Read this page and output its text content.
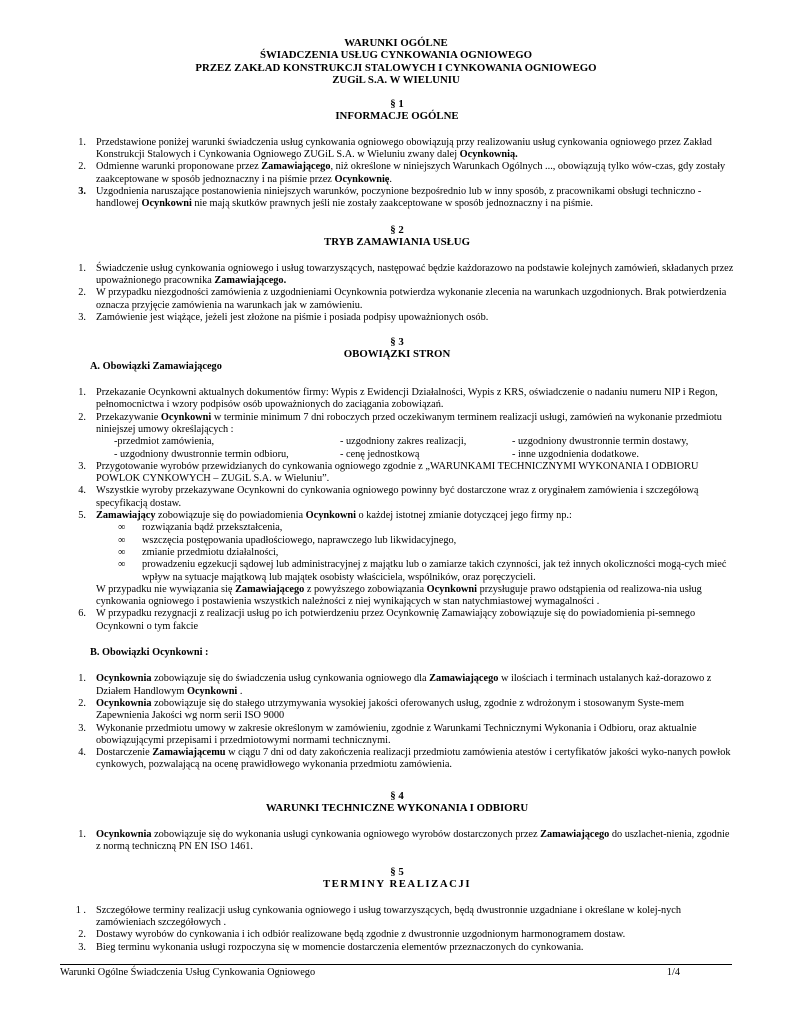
WARUNKI OGÓLNE
ŚWIADCZENIA USŁUG CYNKOWANIA OGNIOWEGO
PRZEZ ZAKŁAD KONSTRUKCJI STALOWYCH I CYNKOWANIA OGNIOWEGO
ZUGiL S.A. W WIELUNIU
§ 1
INFORMACJE OGÓLNE
1. Przedstawione poniżej warunki świadczenia usług cynkowania ogniowego obowiązują przy realizowaniu usług cynkowania ogniowego przez Zakład Konstrukcji Stalowych i Cynkowania Ogniowego ZUGiL S.A. w Wieluniu zwany dalej Ocynkownią.
2. Odmienne warunki proponowane przez Zamawiającego, niż określone w niniejszych Warunkach Ogólnych ..., obowiązują tylko wów-czas, gdy zostały zaakceptowane w sposób jednoznaczny i na piśmie przez Ocynkownię.
3. Uzgodnienia naruszające postanowienia niniejszych warunków, poczynione bezpośrednio lub w inny sposób, z pracownikami obsługi techniczno - handlowej Ocynkowni nie mają skutków prawnych jeśli nie zostały zaakceptowane w sposób jednoznaczny i na piśmie.
§ 2
TRYB ZAMAWIANIA USŁUG
1. Świadczenie usług cynkowania ogniowego i usług towarzyszących, następować będzie każdorazowo na podstawie kolejnych zamówień, składanych przez upoważnionego pracownika Zamawiającego.
2. W przypadku niezgodności zamówienia z uzgodnieniami Ocynkownia potwierdza wykonanie zlecenia na warunkach uzgodnionych. Brak potwierdzenia oznacza przyjęcie zamówienia na warunkach jak w zamówieniu.
3. Zamówienie jest wiążące, jeżeli jest złożone na piśmie i posiada podpisy upoważnionych osób.
§ 3
OBOWIĄZKI STRON
A. Obowiązki Zamawiającego
1. Przekazanie Ocynkowni aktualnych dokumentów firmy: Wypis z Ewidencji Działalności, Wypis z KRS, oświadczenie o nadaniu numeru NIP i Regon, pełnomocnictwa i wzory podpisów osób upoważnionych do zaciągania zobowiązań.
2. Przekazywanie Ocynkowni w terminie minimum 7 dni roboczych przed oczekiwanym terminem realizacji usługi, zamówień na wykonanie przedmiotu niniejszej umowy określających :
-przedmiot zamówienia,	- uzgodniony zakres realizacji,	- uzgodniony dwustronnie termin dostawy,
- uzgodniony dwustronnie termin odbioru,	- cenę jednostkową	- inne uzgodnienia dodatkowe.
3. Przygotowanie wyrobów przewidzianych do cynkowania ogniowego zgodnie z „WARUNKAMI TECHNICZNYMI WYKONANIA I ODBIORU POWLOK CYNKOWYCH – ZUGiL S.A. w Wieluniu”.
4. Wszystkie wyroby przekazywane Ocynkowni do cynkowania ogniowego powinny być dostarczone wraz z oryginałem zamówienia i szczegółową specyfikacją dostaw.
5. Zamawiający zobowiązuje się do powiadomienia Ocynkowni o każdej istotnej zmianie dotyczącej jego firmy np.:
∞ rozwiązania bądź przekształcenia,
∞ wszczęcia postępowania upadłościowego, naprawczego lub likwidacyjnego,
∞ zmianie przedmiotu działalności,
∞ prowadzeniu egzekucji sądowej lub administracyjnej z majątku lub o zamiarze takich czynności, jak też innych okoliczności mogą-cych mieć wpływ na sytuacje majątkową lub majątek osobisty właściciela, wspólników, oraz poręczycieli.
W przypadku nie wywiązania się Zamawiającego z powyższego zobowiązania Ocynkowni przysługuje prawo odstąpienia od realizowa-nia usług cynkowania ogniowego i postawienia wszystkich należności z niej wynikających w stan natychmiastowej wymagalności .
6. W przypadku rezygnacji z realizacji usług po ich potwierdzeniu przez Ocynkownię Zamawiający zobowiązuje się do powiadomienia pi-semnego Ocynkowni o tym fakcie
B. Obowiązki Ocynkowni :
1. Ocynkownia zobowiązuje się do świadczenia usług cynkowania ogniowego dla Zamawiającego w ilościach i terminach ustalanych każ-dorazowo z Działem Handlowym Ocynkowni .
2. Ocynkownia zobowiązuje się do stałego utrzymywania wysokiej jakości oferowanych usług, zgodnie z wdrożonym i stosowanym Syste-mem Zapewnienia Jakości wg norm serii ISO 9000
3. Wykonanie przedmiotu umowy w zakresie określonym w zamówieniu, zgodnie z Warunkami Technicznymi Wykonania i Odbioru, oraz aktualnie obowiązującymi przepisami i przedmiotowymi normami technicznymi.
4. Dostarczenie Zamawiającemu w ciągu 7 dni od daty zakończenia realizacji przedmiotu zamówienia atestów i certyfikatów jakości wyko-nanych powłok cynkowych, pozwalającą na ocenę prawidłowego wykonania przedmiotu zamówienia.
§ 4
WARUNKI TECHNICZNE WYKONANIA I ODBIORU
1. Ocynkownia zobowiązuje się do wykonania usługi cynkowania ogniowego wyrobów dostarczonych przez Zamawiającego do uszlachet-nienia, zgodnie z normą techniczną PN EN ISO 1461.
§ 5
TERMINY REALIZACJI
1 . Szczegółowe terminy realizacji usług cynkowania ogniowego i usług towarzyszących, będą dwustronnie uzgadniane i określane w kolej-nych zamówieniach szczegółowych .
2. Dostawy wyrobów do cynkowania i ich odbiór realizowane będą zgodnie z dwustronnie uzgodnionym harmonogramem dostaw.
3. Bieg terminu wykonania usługi rozpoczyna się w momencie dostarczenia elementów przeznaczonych do cynkowania.
Warunki Ogólne Świadczenia Usług Cynkowania Ogniowego	1/4
